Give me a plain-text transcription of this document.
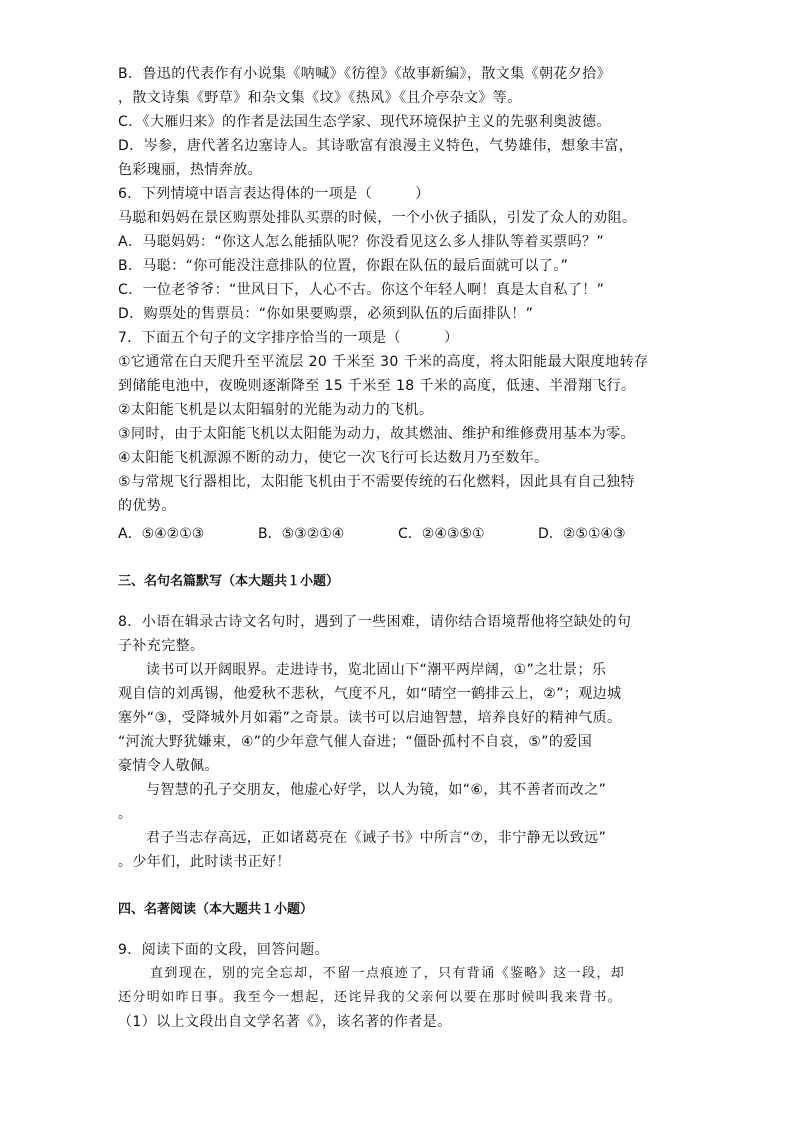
B．鲁迅的代表作有小说集《呐喊》《彷徨》《故事新编》，散文集《朝花夕拾》
，散文诗集《野草》和杂文集《坟》《热风》《且介亭杂文》等。
C．《大雁归来》的作者是法国生态学家、现代环境保护主义的先驱利奥波德。
D．岑参，唐代著名边塞诗人。其诗歌富有浪漫主义特色，气势雄伟，想象丰富，
色彩瑰丽，热情奔放。
6．下列情境中语言表达得体的一项是（　　　）
马聪和妈妈在景区购票处排队买票的时候，一个小伙子插队，引发了众人的劝阻。
A．马聪妈妈：“你这人怎么能插队呢？你没看见这么多人排队等着买票吗？”
B．马聪：“你可能没注意排队的位置，你跟在队伍的最后面就可以了。”
C．一位老爷爷：“世风日下，人心不古。你这个年轻人啊！真是太自私了！”
D．购票处的售票员：“你如果要购票，必须到队伍的后面排队！”
7．下面五个句子的文字排序恰当的一项是（　　　）
①它通常在白天爬升至平流层 20 千米至 30 千米的高度，将太阳能最大限度地转存
到储能电池中，夜晚则逐渐降至 15 千米至 18 千米的高度，低速、半滑翔飞行。
②太阳能飞机是以太阳辐射的光能为动力的飞机。
③同时，由于太阳能飞机以太阳能为动力，故其燃油、维护和维修费用基本为零。
④太阳能飞机源源不断的动力，使它一次飞行可长达数月乃至数年。
⑤与常规飞行器相比，太阳能飞机由于不需要传统的石化燃料，因此具有自己独特
的优势。
A．⑤④②①③	B．⑤③②①④	C．②④③⑤①	D．②⑤①④③
三、名句名篇默写（本大题共１小题）
8．小语在辑录古诗文名句时，遇到了一些困难，请你结合语境帮他将空缺处的句
子补充完整。
读书可以开阔眼界。走进诗书，览北固山下“潮平两岸阔，①”之壮景；乐
观自信的刘禹锡，他爱秋不悲秋，气度不凡，如“晴空一鹤排云上，②”；观边城
塞外“③，受降城外月如霜”之奇景。读书可以启迪智慧，培养良好的精神气质。
“河流大野犹嫌束，④”的少年意气催人奋进；“僵卧孤村不自哀，⑤”的爱国
豪情令人敬佩。
与智慧的孔子交朋友，他虚心好学，以人为镜，如“⑥，其不善者而改之”
。
君子当志存高远，正如诸葛亮在《诫子书》中所言“⑦，非宁静无以致远”
。少年们，此时读书正好！
四、名著阅读（本大题共１小题）
9．阅读下面的文段，回答问题。
直到现在，别的完全忘却，不留一点痕迹了，只有背诵《鉴略》这一段，却
还分明如昨日事。我至今一想起，还诧异我的父亲何以要在那时候叫我来背书。
（1）以上文段出自文学名著《》，该名著的作者是。
